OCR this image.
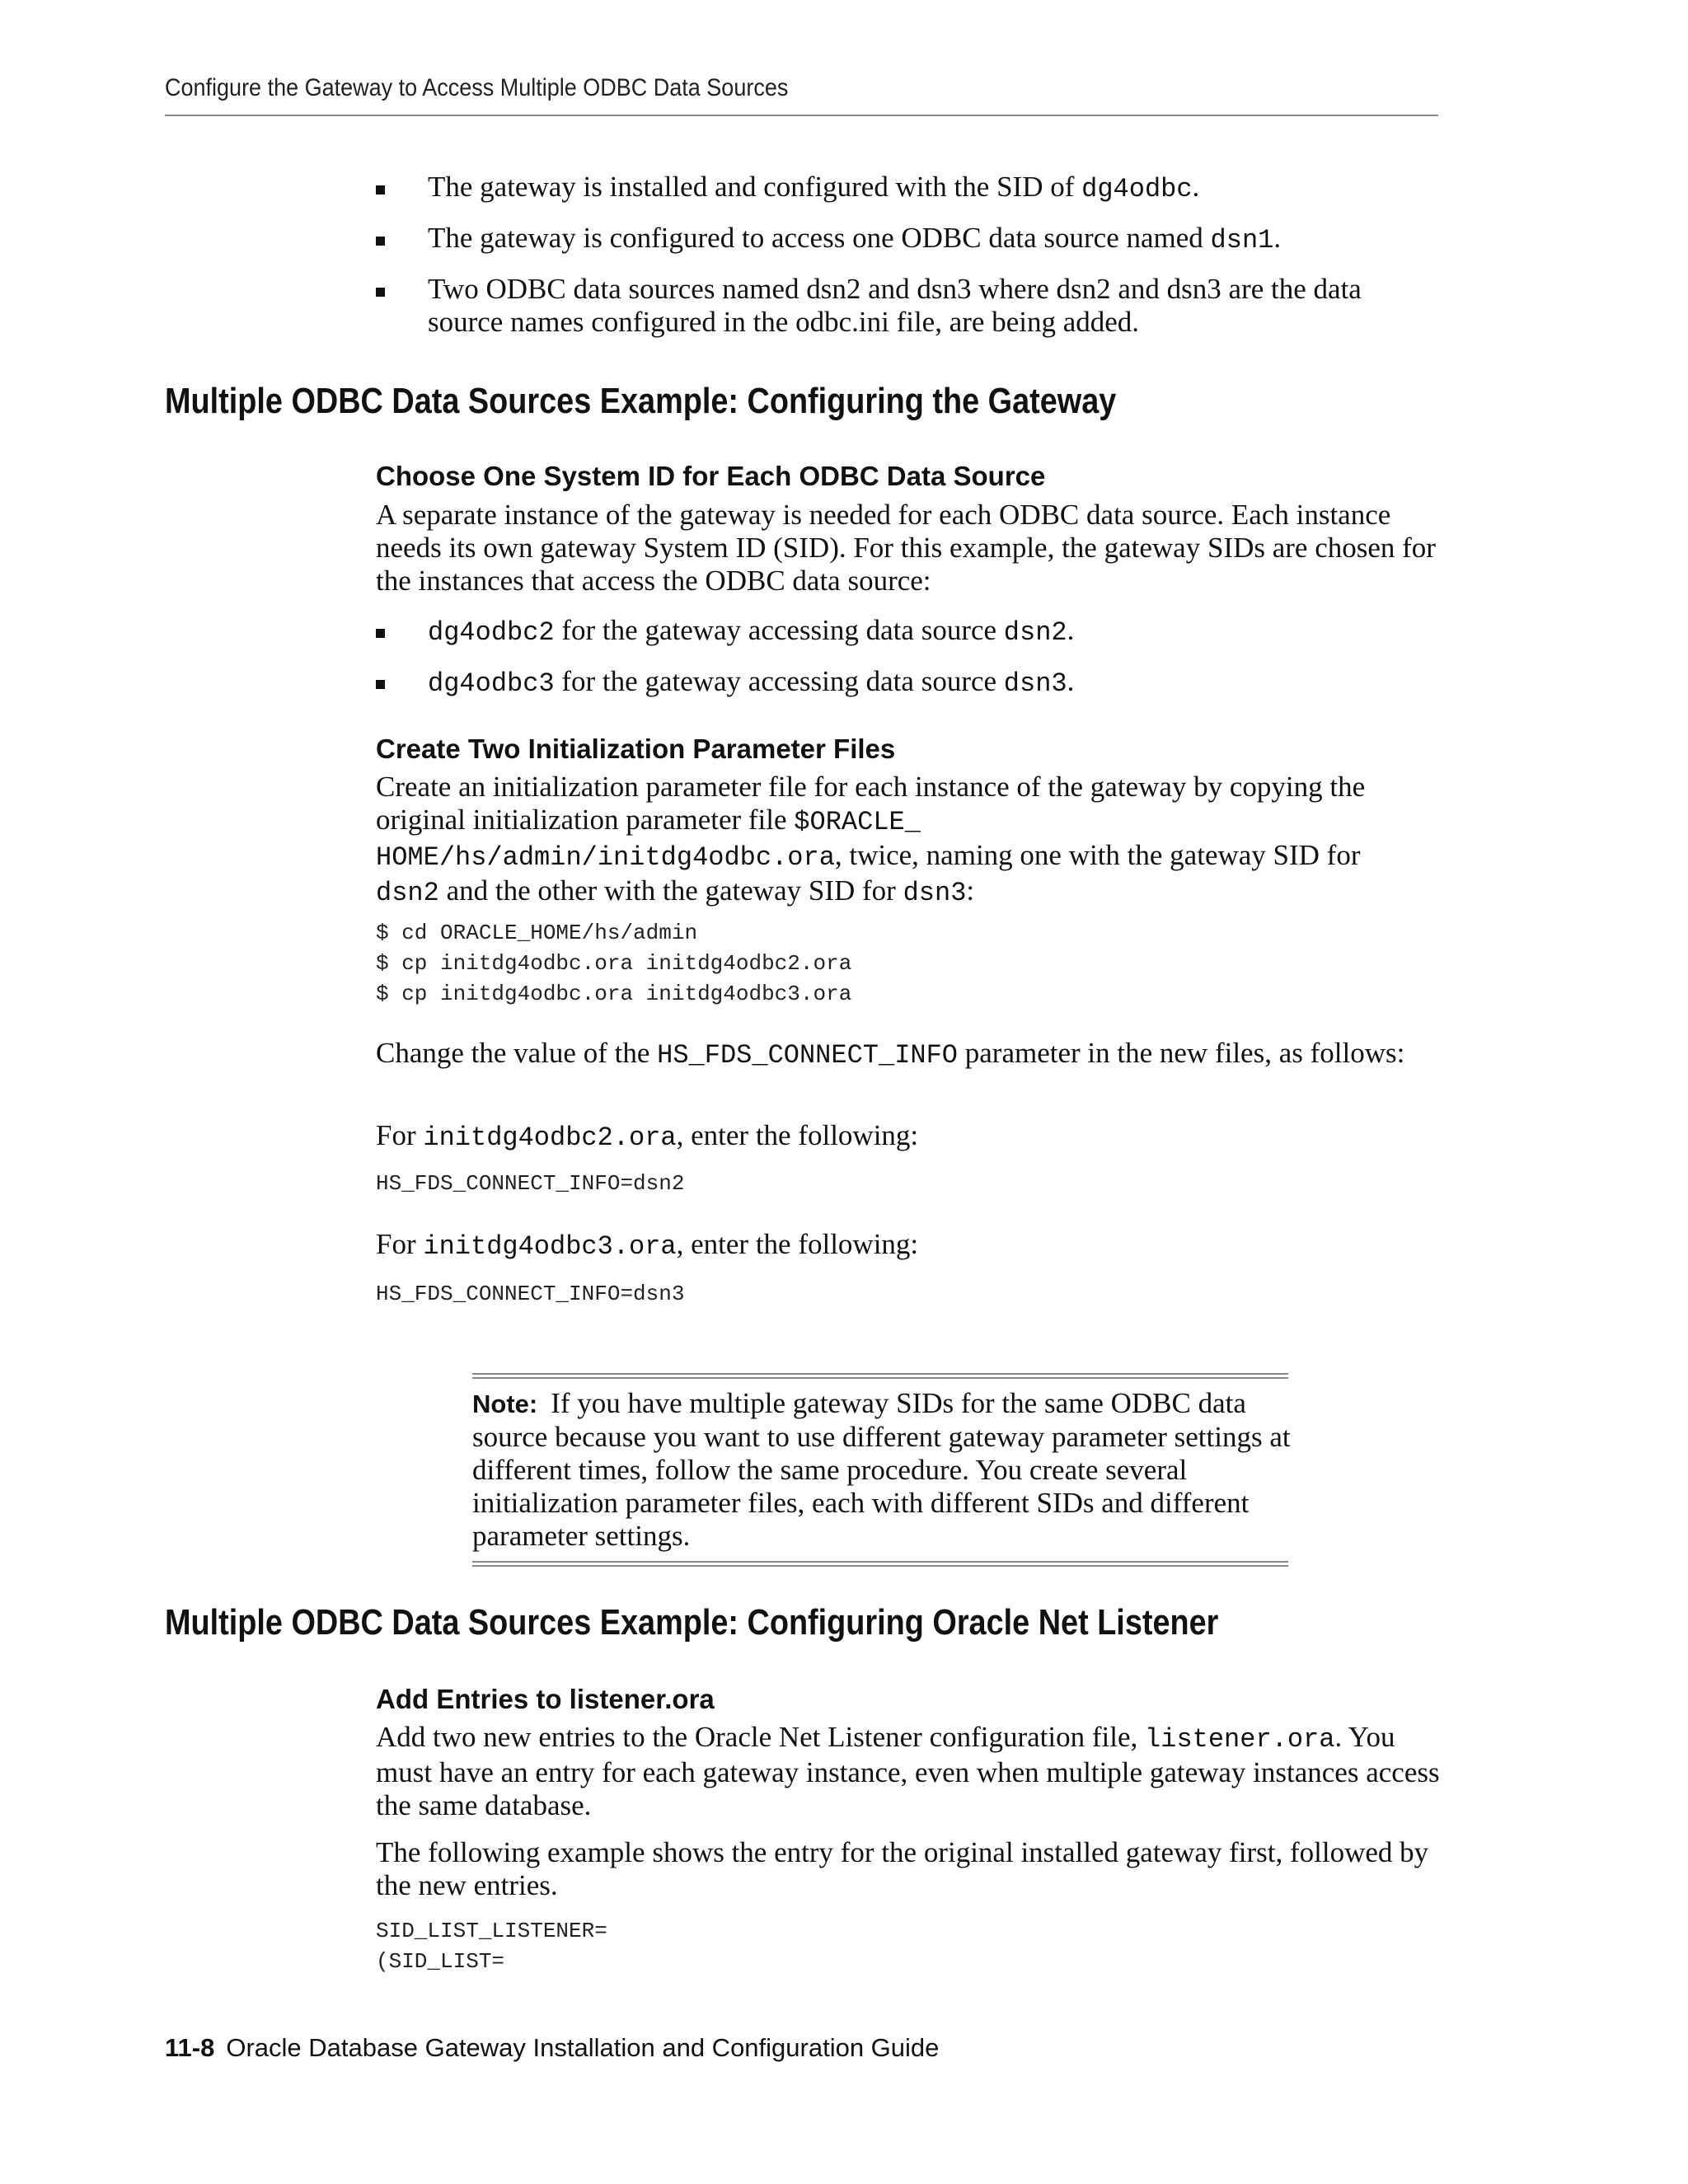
Configure the Gateway to Access Multiple ODBC Data Sources
The gateway is installed and configured with the SID of dg4odbc.
The gateway is configured to access one ODBC data source named dsn1.
Two ODBC data sources named dsn2 and dsn3 where dsn2 and dsn3 are the data source names configured in the odbc.ini file, are being added.
Multiple ODBC Data Sources Example: Configuring the Gateway
Choose One System ID for Each ODBC Data Source
A separate instance of the gateway is needed for each ODBC data source. Each instance needs its own gateway System ID (SID). For this example, the gateway SIDs are chosen for the instances that access the ODBC data source:
dg4odbc2 for the gateway accessing data source dsn2.
dg4odbc3 for the gateway accessing data source dsn3.
Create Two Initialization Parameter Files
Create an initialization parameter file for each instance of the gateway by copying the original initialization parameter file $ORACLE_
HOME/hs/admin/initdg4odbc.ora, twice, naming one with the gateway SID for
dsn2 and the other with the gateway SID for dsn3:
$ cd ORACLE_HOME/hs/admin
$ cp initdg4odbc.ora initdg4odbc2.ora
$ cp initdg4odbc.ora initdg4odbc3.ora
Change the value of the HS_FDS_CONNECT_INFO parameter in the new files, as follows:
For initdg4odbc2.ora, enter the following:
HS_FDS_CONNECT_INFO=dsn2
For initdg4odbc3.ora, enter the following:
HS_FDS_CONNECT_INFO=dsn3
Note: If you have multiple gateway SIDs for the same ODBC data source because you want to use different gateway parameter settings at different times, follow the same procedure. You create several initialization parameter files, each with different SIDs and different parameter settings.
Multiple ODBC Data Sources Example: Configuring Oracle Net Listener
Add Entries to listener.ora
Add two new entries to the Oracle Net Listener configuration file, listener.ora. You must have an entry for each gateway instance, even when multiple gateway instances access the same database.
The following example shows the entry for the original installed gateway first, followed by the new entries.
SID_LIST_LISTENER=
(SID_LIST=
11-8 Oracle Database Gateway Installation and Configuration Guide
